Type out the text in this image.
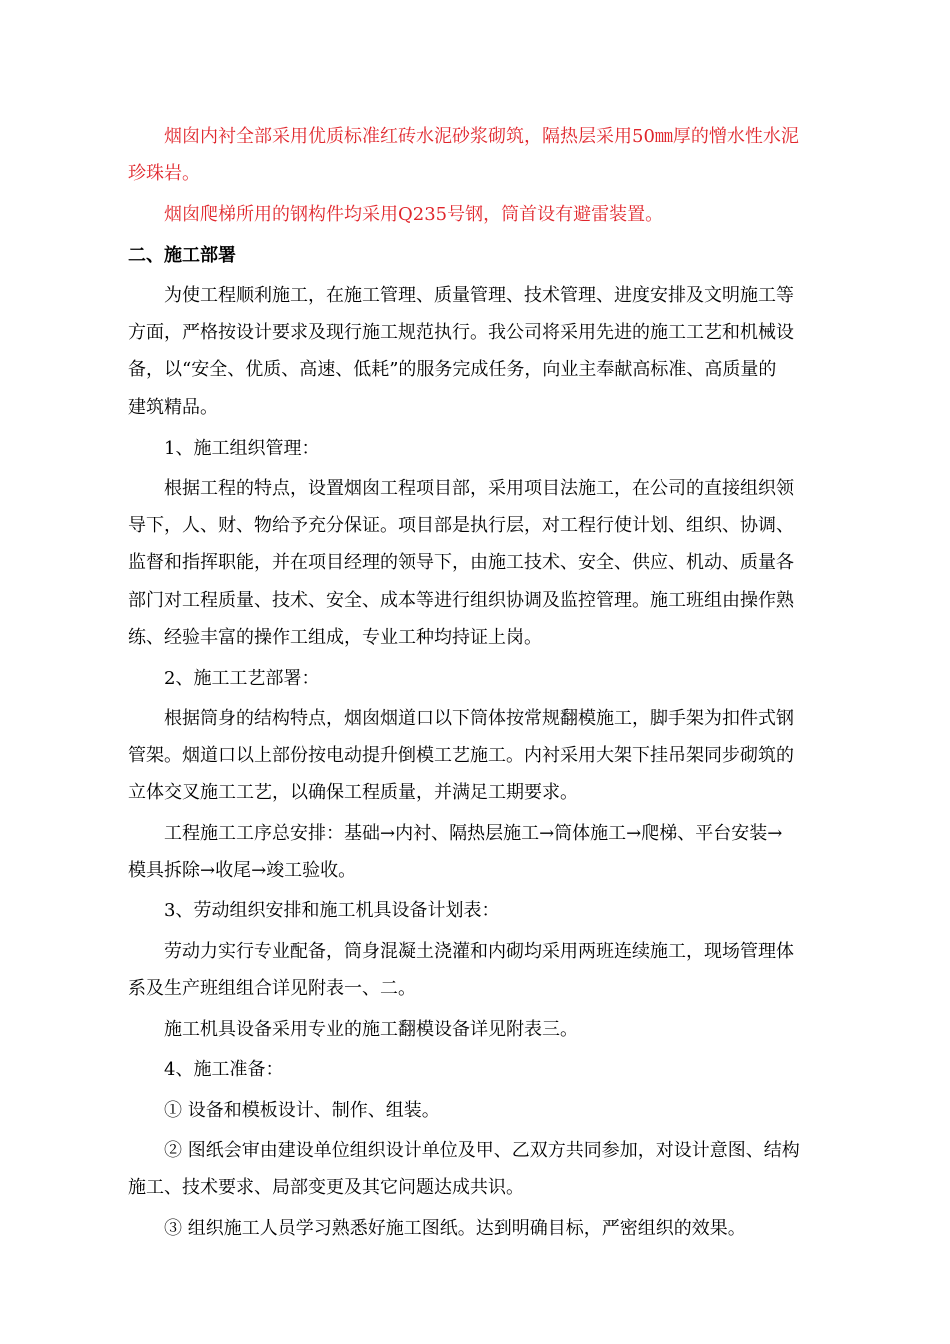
烟囱内衬全部采用优质标准红砖水泥砂浆砌筑，隔热层采用50㎜厚的憎水性水泥
珍珠岩。
烟囱爬梯所用的钢构件均采用Q235号钢，筒首设有避雷装置。
二、施工部署
为使工程顺利施工，在施工管理、质量管理、技术管理、进度安排及文明施工等
方面，严格按设计要求及现行施工规范执行。我公司将采用先进的施工工艺和机械设
备，以“安全、优质、高速、低耗”的服务完成任务，向业主奉献高标准、高质量的
建筑精品。
1、施工组织管理：
根据工程的特点，设置烟囱工程项目部，采用项目法施工，在公司的直接组织领
导下，人、财、物给予充分保证。项目部是执行层，对工程行使计划、组织、协调、
监督和指挥职能，并在项目经理的领导下，由施工技术、安全、供应、机动、质量各
部门对工程质量、技术、安全、成本等进行组织协调及监控管理。施工班组由操作熟
练、经验丰富的操作工组成，专业工种均持证上岗。
2、施工工艺部署：
根据筒身的结构特点，烟囱烟道口以下筒体按常规翻模施工，脚手架为扣件式钢
管架。烟道口以上部份按电动提升倒模工艺施工。内衬采用大架下挂吊架同步砌筑的
立体交叉施工工艺，以确保工程质量，并满足工期要求。
工程施工工序总安排：基础→内衬、隔热层施工→筒体施工→爬梯、平台安装→
模具拆除→收尾→竣工验收。
3、劳动组织安排和施工机具设备计划表：
劳动力实行专业配备，筒身混凝土浇灌和内砌均采用两班连续施工，现场管理体
系及生产班组组合详见附表一、二。
施工机具设备采用专业的施工翻模设备详见附表三。
4、施工准备：
① 设备和模板设计、制作、组装。
② 图纸会审由建设单位组织设计单位及甲、乙双方共同参加，对设计意图、结构
施工、技术要求、局部变更及其它问题达成共识。
③ 组织施工人员学习熟悉好施工图纸。达到明确目标，严密组织的效果。
